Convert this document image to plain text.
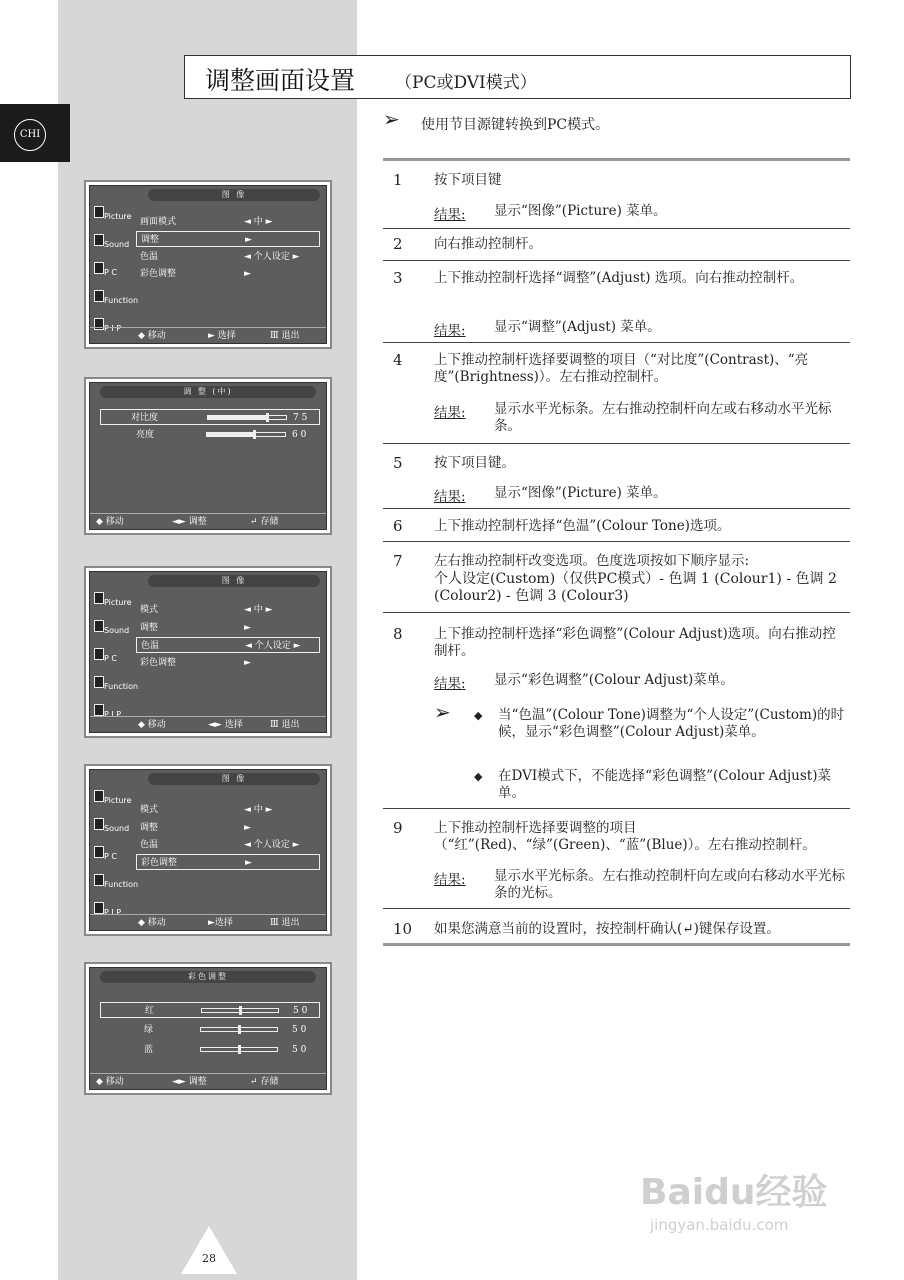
CHI
调整画面设置 （PC或DVI模式）
➢ 使用节目源键转换到PC模式。
1 按下项目键
结果: 显示“图像”(Picture) 菜单。
2 向右推动控制杆。
3 上下推动控制杆选择“调整”(Adjust) 选项。向右推动控制杆。
结果: 显示“调整”(Adjust) 菜单。
4 上下推动控制杆选择要调整的项目（“对比度”(Contrast)、“亮度”(Brightness)）。左右推动控制杆。
结果: 显示水平光标条。左右推动控制杆向左或右移动水平光标条。
5 按下项目键。
结果: 显示“图像”(Picture) 菜单。
6 上下推动控制杆选择“色温”(Colour Tone)选项。
7 左右推动控制杆改变选项。色度选项按如下顺序显示:
个人设定(Custom)（仅供PC模式）- 色调 1 (Colour1) - 色调 2 (Colour2) - 色调 3 (Colour3)
8 上下推动控制杆选择“彩色调整”(Colour Adjust)选项。向右推动控制杆。
结果: 显示“彩色调整”(Colour Adjust)菜单。
➢ ◆ 当“色温”(Colour Tone)调整为“个人设定”(Custom)的时候，显示“彩色调整”(Colour Adjust)菜单。
◆ 在DVI模式下，不能选择“彩色调整”(Colour Adjust)菜单。
9 上下推动控制杆选择要调整的项目（“红”(Red)、“绿”(Green)、“蓝”(Blue)）。左右推动控制杆。
结果: 显示水平光标条。左右推动控制杆向左或向右移动水平光标条的光标。
10 如果您满意当前的设置时，按控制杆确认(↵)键保存设置。
图 像
Picture
Sound
P C
Function
P I P
画面模式	◄ 中 ►
调整	►
色温	◄ 个人设定 ►
彩色调整	►
◆ 移动	► 选择	Ⅲ 退出
调 整 (中)
对比度	7 5
亮度	6 0
◆ 移动	◄► 调整	↵ 存储
图 像
Picture
Sound
P C
Function
P I P
模式	◄ 中 ►
调整	►
色温	◄ 个人设定 ►
彩色调整	►
◆ 移动	◄► 选择	Ⅲ 退出
图 像
Picture
Sound
P C
Function
P I P
模式	◄ 中 ►
调整	►
色温	◄ 个人设定 ►
彩色调整	►
◆ 移动	►选择	Ⅲ 退出
彩色调整
红	5 0
绿	5 0
蓝	5 0
◆ 移动	◄► 调整	↵ 存储
28
Baidu经验
jingyan.baidu.com
